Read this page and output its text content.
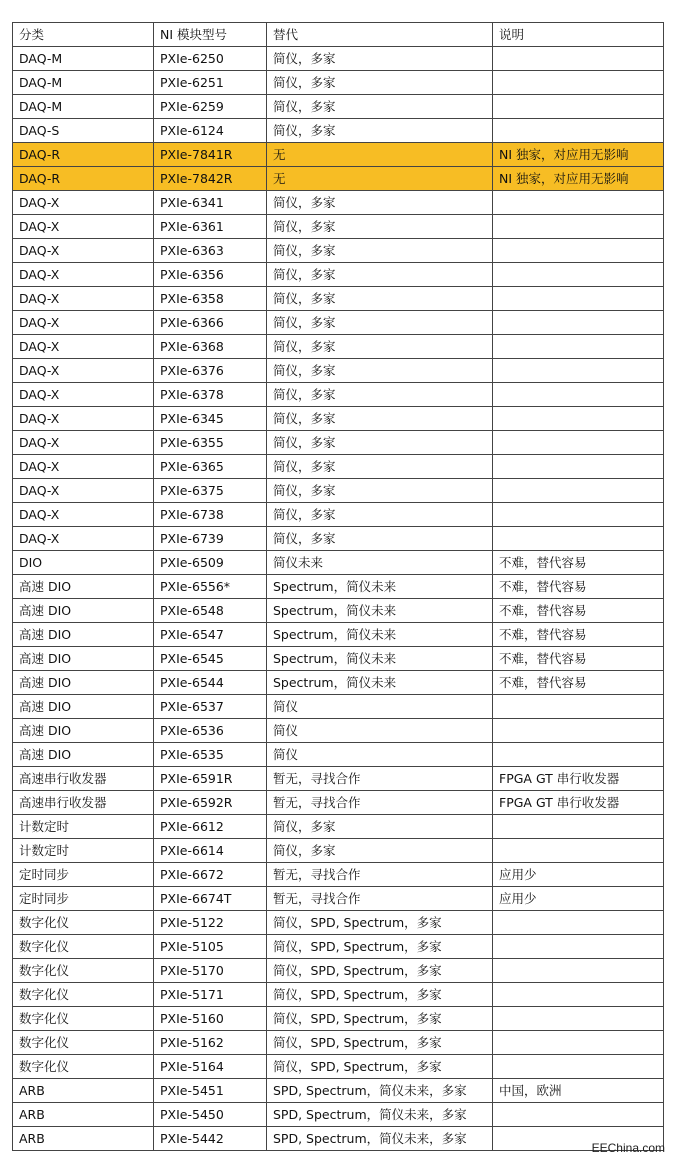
分类	NI 模块型号	替代	说明
DAQ-M	PXIe-6250	简仪，多家	
DAQ-M	PXIe-6251	简仪，多家	
DAQ-M	PXIe-6259	简仪，多家	
DAQ-S	PXIe-6124	简仪，多家	
DAQ-R	PXIe-7841R	无	NI 独家，对应用无影响
DAQ-R	PXIe-7842R	无	NI 独家，对应用无影响
DAQ-X	PXIe-6341	简仪，多家	
DAQ-X	PXIe-6361	简仪，多家	
DAQ-X	PXIe-6363	简仪，多家	
DAQ-X	PXIe-6356	简仪，多家	
DAQ-X	PXIe-6358	简仪，多家	
DAQ-X	PXIe-6366	简仪，多家	
DAQ-X	PXIe-6368	简仪，多家	
DAQ-X	PXIe-6376	简仪，多家	
DAQ-X	PXIe-6378	简仪，多家	
DAQ-X	PXIe-6345	简仪，多家	
DAQ-X	PXIe-6355	简仪，多家	
DAQ-X	PXIe-6365	简仪，多家	
DAQ-X	PXIe-6375	简仪，多家	
DAQ-X	PXIe-6738	简仪，多家	
DAQ-X	PXIe-6739	简仪，多家	
DIO	PXIe-6509	简仪未来	不难，替代容易
高速 DIO	PXIe-6556*	Spectrum，简仪未来	不难，替代容易
高速 DIO	PXIe-6548	Spectrum，简仪未来	不难，替代容易
高速 DIO	PXIe-6547	Spectrum，简仪未来	不难，替代容易
高速 DIO	PXIe-6545	Spectrum，简仪未来	不难，替代容易
高速 DIO	PXIe-6544	Spectrum，简仪未来	不难，替代容易
高速 DIO	PXIe-6537	简仪	
高速 DIO	PXIe-6536	简仪	
高速 DIO	PXIe-6535	简仪	
高速串行收发器	PXIe-6591R	暂无，寻找合作	FPGA GT 串行收发器
高速串行收发器	PXIe-6592R	暂无，寻找合作	FPGA GT 串行收发器
计数定时	PXIe-6612	简仪，多家	
计数定时	PXIe-6614	简仪，多家	
定时同步	PXIe-6672	暂无，寻找合作	应用少
定时同步	PXIe-6674T	暂无，寻找合作	应用少
数字化仪	PXIe-5122	简仪，SPD, Spectrum，多家	
数字化仪	PXIe-5105	简仪，SPD, Spectrum，多家	
数字化仪	PXIe-5170	简仪，SPD, Spectrum，多家	
数字化仪	PXIe-5171	简仪，SPD, Spectrum，多家	
数字化仪	PXIe-5160	简仪，SPD, Spectrum，多家	
数字化仪	PXIe-5162	简仪，SPD, Spectrum，多家	
数字化仪	PXIe-5164	简仪，SPD, Spectrum，多家	
ARB	PXIe-5451	SPD, Spectrum，简仪未来，多家	中国，欧洲
ARB	PXIe-5450	SPD, Spectrum，简仪未来，多家	
ARB	PXIe-5442	SPD, Spectrum，简仪未来，多家	
EEChina.com
